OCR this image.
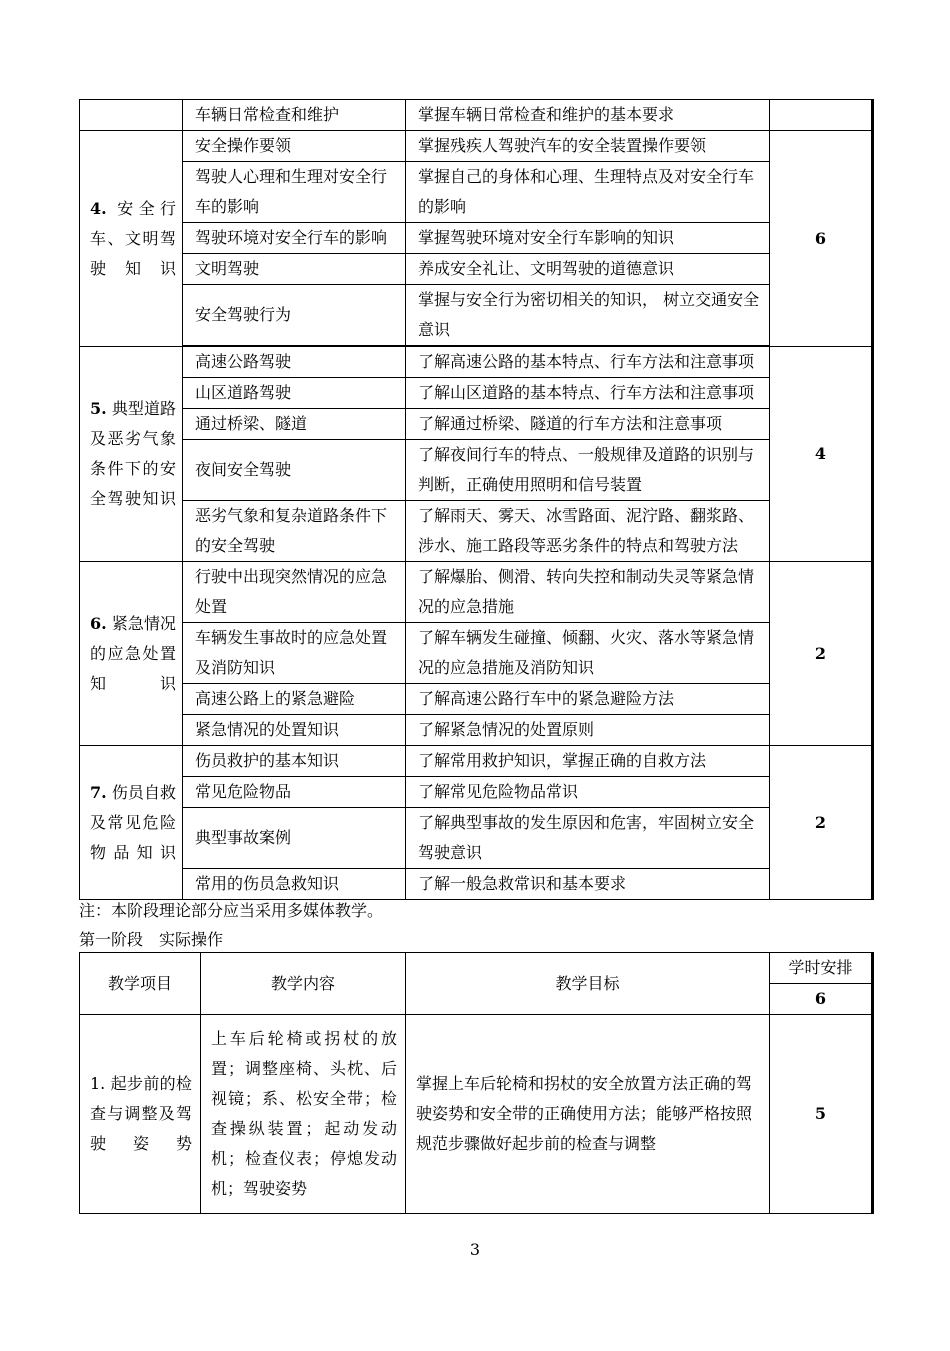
	车辆日常检查和维护	掌握车辆日常检查和维护的基本要求	
4. 安全行车、文明驾驶知识	安全操作要领	掌握残疾人驾驶汽车的安全装置操作要领	6
	驾驶人心理和生理对安全行车的影响	掌握自己的身体和心理、生理特点及对安全行车的影响	
	驾驶环境对安全行车的影响	掌握驾驶环境对安全行车影响的知识	
	文明驾驶	养成安全礼让、文明驾驶的道德意识	
	安全驾驶行为	掌握与安全行为密切相关的知识， 树立交通安全意识	

5. 典型道路及恶劣气象条件下的安全驾驶知识	高速公路驾驶	了解高速公路的基本特点、行车方法和注意事项	4
	山区道路驾驶	了解山区道路的基本特点、行车方法和注意事项	
	通过桥梁、隧道	了解通过桥梁、隧道的行车方法和注意事项	
	夜间安全驾驶	了解夜间行车的特点、一般规律及道路的识别与判断，正确使用照明和信号装置	
	恶劣气象和复杂道路条件下的安全驾驶	了解雨天、雾天、冰雪路面、泥泞路、翻浆路、涉水、施工路段等恶劣条件的特点和驾驶方法	
6. 紧急情况的应急处置知识	行驶中出现突然情况的应急处置	了解爆胎、侧滑、转向失控和制动失灵等紧急情况的应急措施	2
	车辆发生事故时的应急处置及消防知识	了解车辆发生碰撞、倾翻、火灾、落水等紧急情况的应急措施及消防知识	
	高速公路上的紧急避险	了解高速公路行车中的紧急避险方法	
	紧急情况的处置知识	了解紧急情况的处置原则	
7. 伤员自救及常见危险物品知识	伤员救护的基本知识	了解常用救护知识，掌握正确的自救方法	2
	常见危险物品	了解常见危险物品常识	
	典型事故案例	了解典型事故的发生原因和危害，牢固树立安全驾驶意识	
	常用的伤员急救知识	了解一般急救常识和基本要求	
注：本阶段理论部分应当采用多媒体教学。
第一阶段　实际操作
教学项目	教学内容	教学目标	学时安排
			6
1. 起步前的检查与调整及驾驶姿势	上车后轮椅或拐杖的放置；调整座椅、头枕、后视镜；系、松安全带；检查操纵装置；起动发动机；检查仪表；停熄发动机；驾驶姿势	掌握上车后轮椅和拐杖的安全放置方法正确的驾驶姿势和安全带的正确使用方法；能够严格按照规范步骤做好起步前的检查与调整	5
3
